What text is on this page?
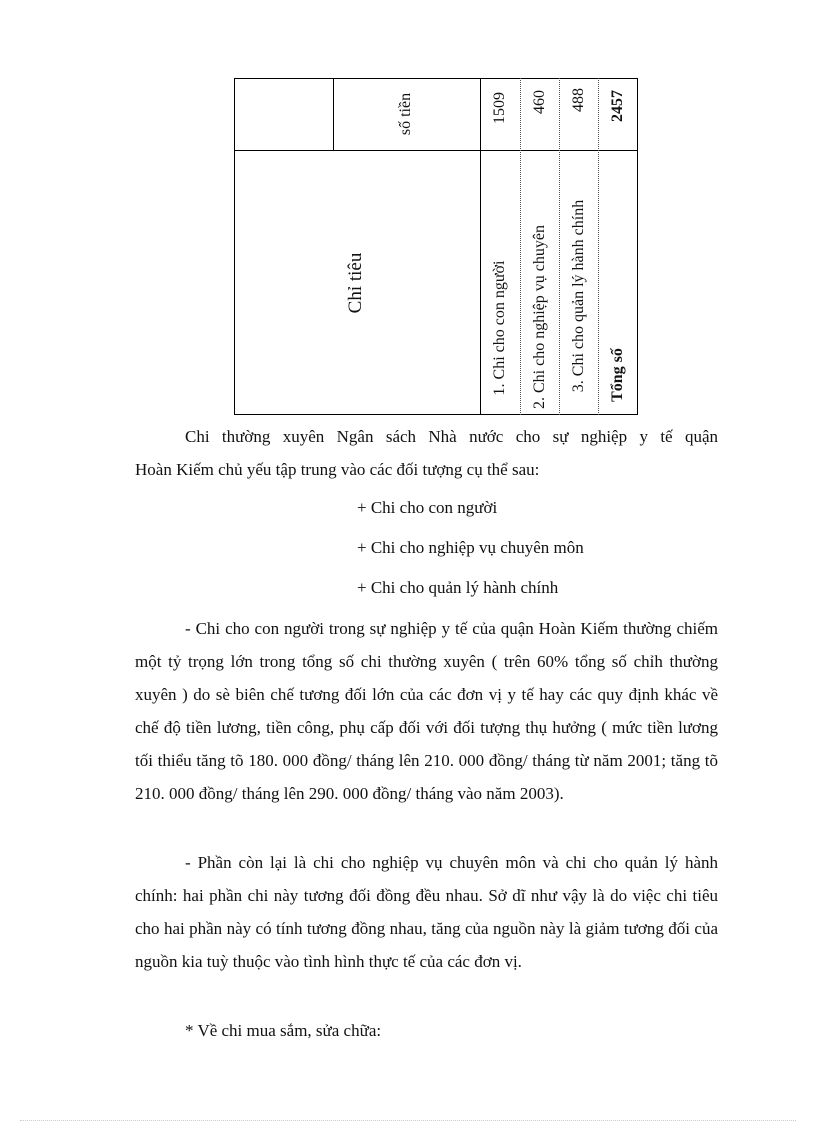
Chỉ tiêu
số tiền	1509 460 488 2457
1. Chi cho con người 2. Chi cho nghiệp vụ chuyên 3. Chi cho quản lý hành chính Tổng số

Chi thường xuyên Ngân sách Nhà nước cho sự nghiệp y tế quận

Hoàn Kiếm chủ yếu tập trung vào các đối tượng cụ thể sau:

+ Chi cho con người
+ Chi cho nghiệp vụ chuyên môn
+ Chi cho quản lý hành chính

- Chi cho con người trong sự nghiệp y tế của quận Hoàn Kiếm thường chiếm một tỷ trọng lớn trong tổng số chi thường xuyên ( trên 60% tổng số chỉh thường xuyên ) do sè biên chế tương đối lớn của các đơn vị y tế hay các quy định khác về chế độ tiền lương, tiền công, phụ cấp đối với đối tượng thụ hưởng ( mức tiền lương tối thiểu tăng tõ 180. 000 đồng/ tháng lên 210. 000 đồng/ tháng từ năm 2001; tăng tõ 210. 000 đồng/ tháng lên 290. 000 đồng/ tháng vào năm 2003).

- Phần còn lại là chi cho nghiệp vụ chuyên môn và chi cho quản lý hành chính: hai phần chi này tương đối đồng đều nhau. Sở dĩ như vậy là do việc chi tiêu cho hai phần này có tính tương đồng nhau, tăng của nguồn này là giảm tương đối của nguồn kia tuỳ thuộc vào tình hình thực tế của các đơn vị.

* Về chi mua sắm, sửa chữa:
